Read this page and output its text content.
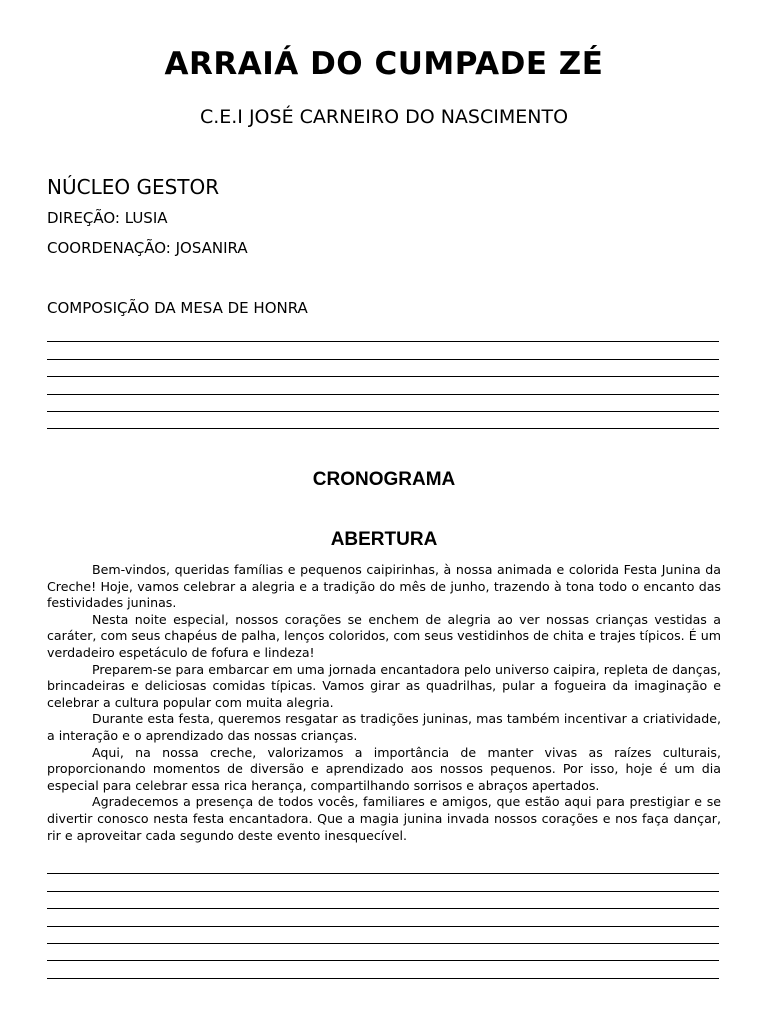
ARRAIÁ DO CUMPADE ZÉ
C.E.I JOSÉ CARNEIRO DO NASCIMENTO
NÚCLEO GESTOR
DIREÇÃO: LUSIA
COORDENAÇÃO: JOSANIRA
COMPOSIÇÃO DA MESA DE HONRA
CRONOGRAMA
ABERTURA

Bem-vindos, queridas famílias e pequenos caipirinhas, à nossa animada e colorida Festa Junina da Creche! Hoje, vamos celebrar a alegria e a tradição do mês de junho, trazendo à tona todo o encanto das festividades juninas.

Nesta noite especial, nossos corações se enchem de alegria ao ver nossas crianças vestidas a caráter, com seus chapéus de palha, lenços coloridos, com seus vestidinhos de chita e trajes típicos. É um verdadeiro espetáculo de fofura e lindeza!

Preparem-se para embarcar em uma jornada encantadora pelo universo caipira, repleta de danças, brincadeiras e deliciosas comidas típicas. Vamos girar as quadrilhas, pular a fogueira da imaginação e celebrar a cultura popular com muita alegria.

Durante esta festa, queremos resgatar as tradições juninas, mas também incentivar a criatividade, a interação e o aprendizado das nossas crianças.

Aqui, na nossa creche, valorizamos a importância de manter vivas as raízes culturais, proporcionando momentos de diversão e aprendizado aos nossos pequenos. Por isso, hoje é um dia especial para celebrar essa rica herança, compartilhando sorrisos e abraços apertados.

Agradecemos a presença de todos vocês, familiares e amigos, que estão aqui para prestigiar e se divertir conosco nesta festa encantadora. Que a magia junina invada nossos corações e nos faça dançar, rir e aproveitar cada segundo deste evento inesquecível.
